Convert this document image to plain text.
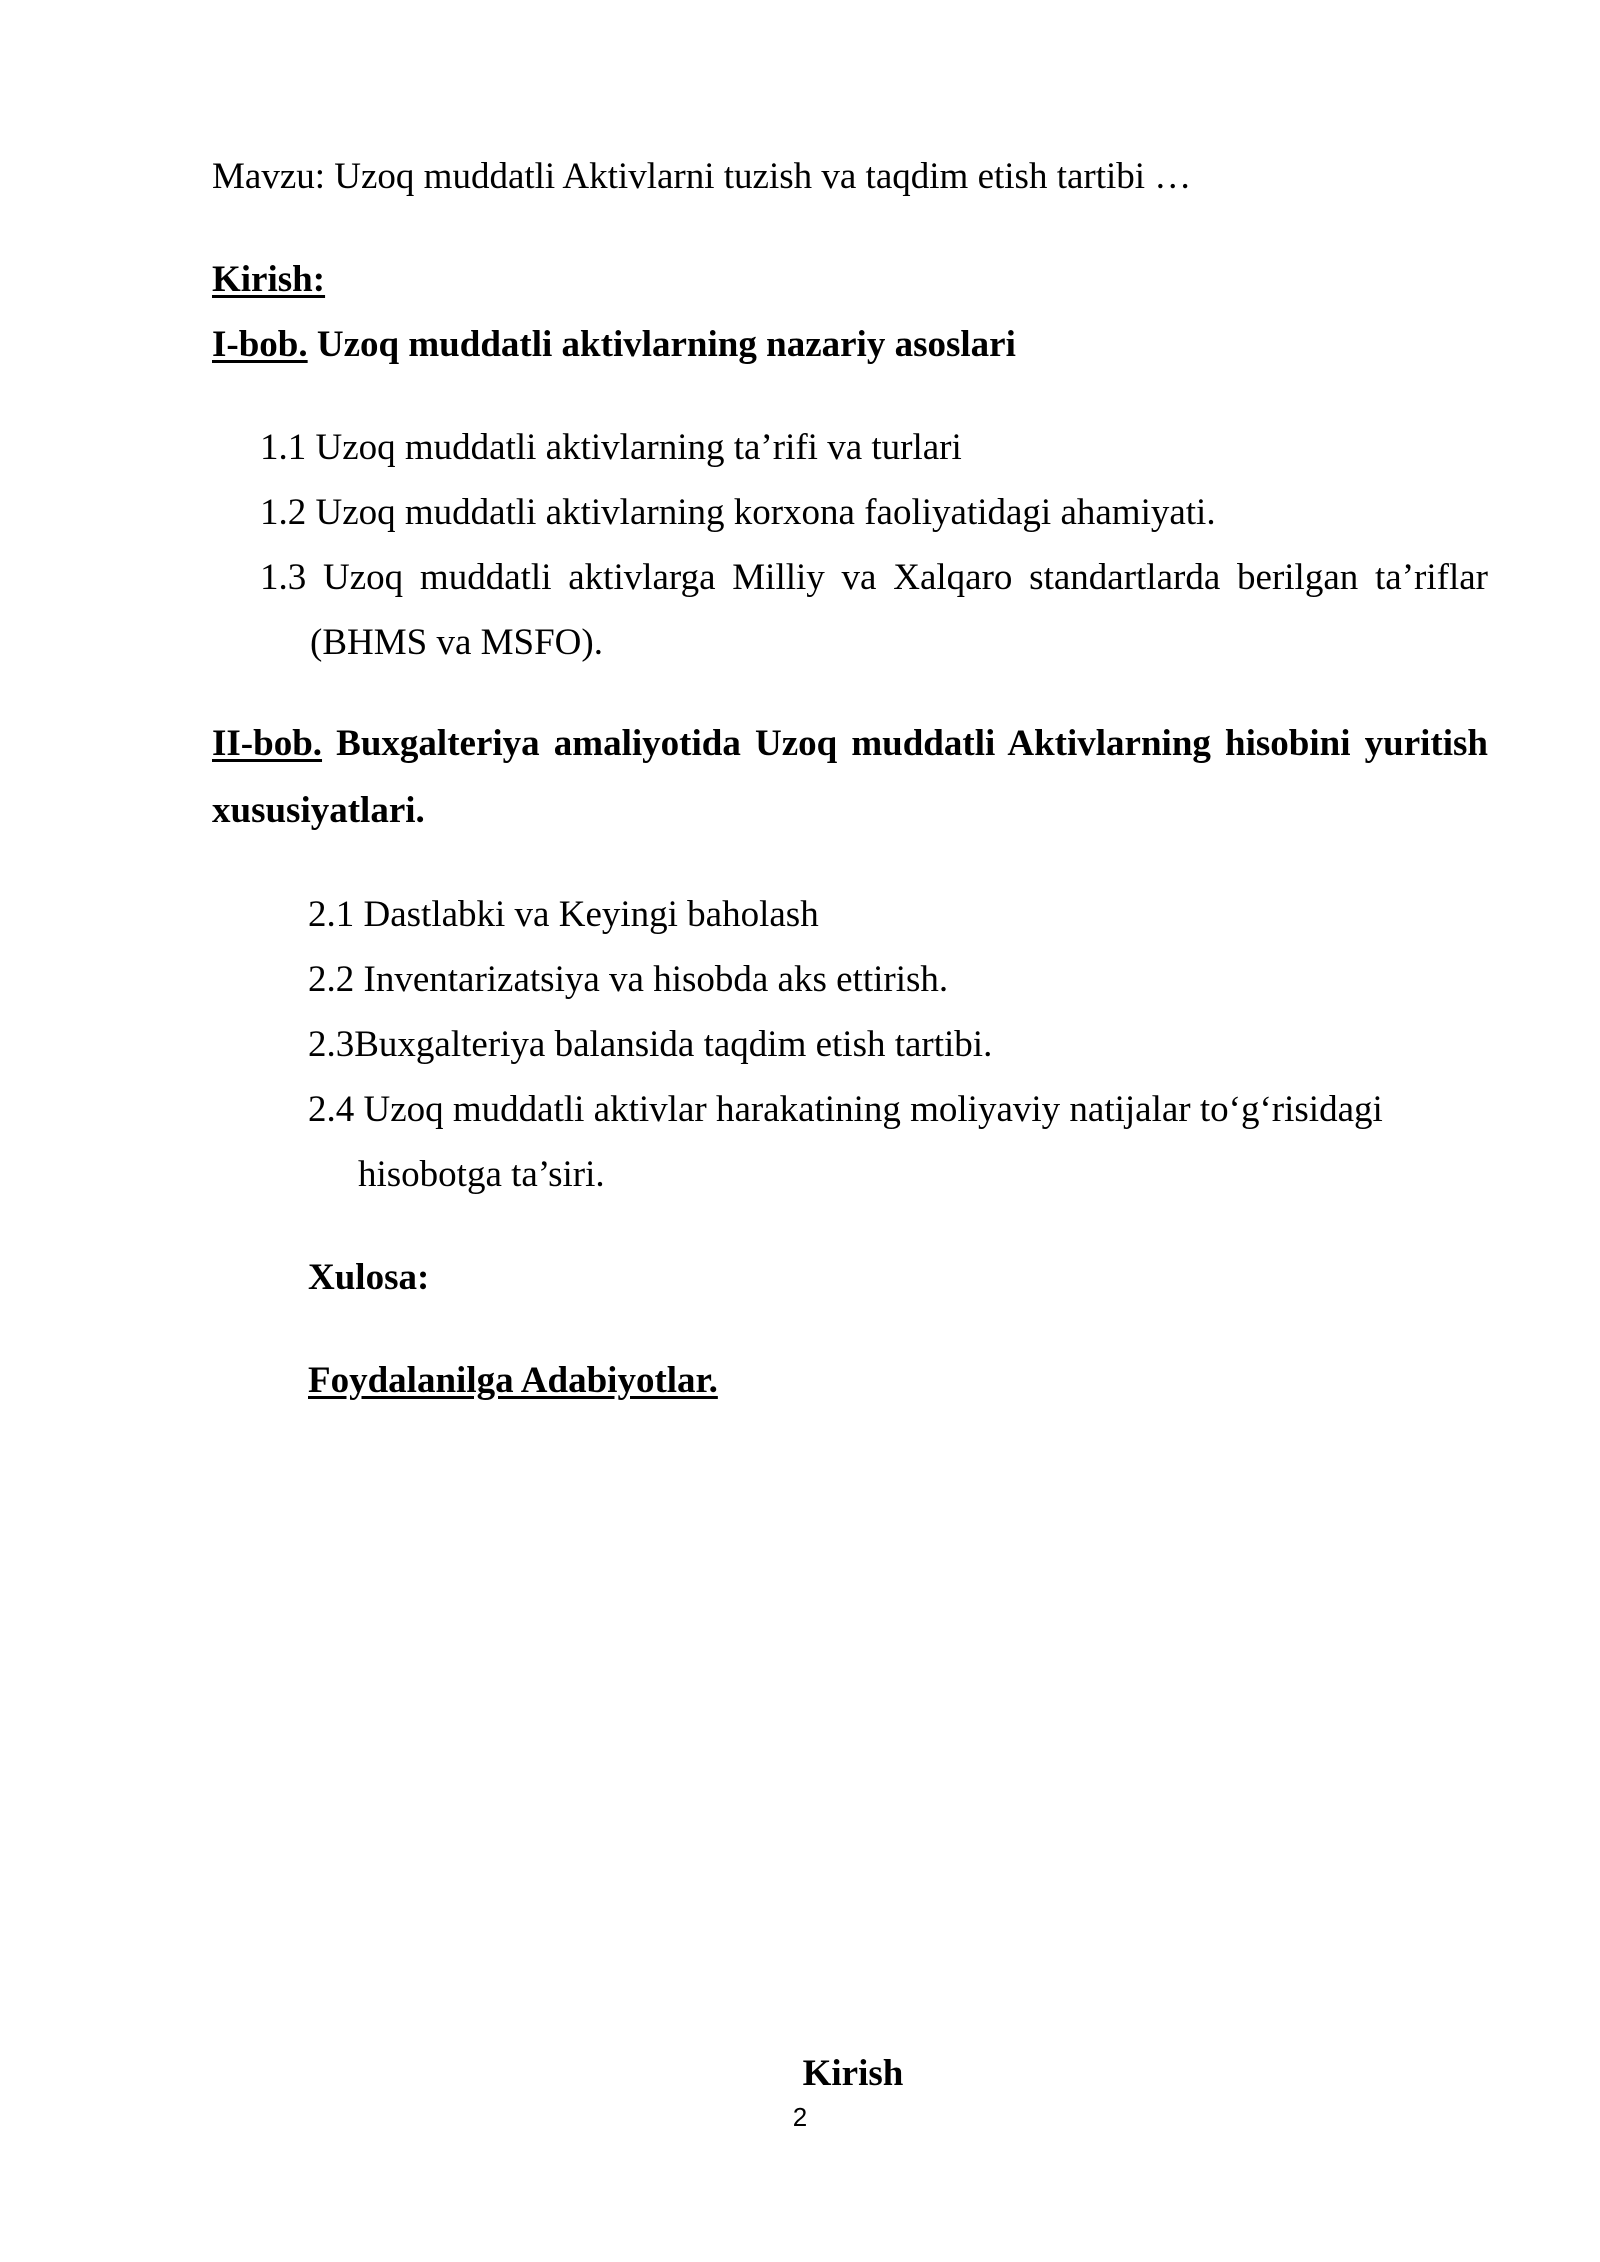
Mavzu: Uzoq muddatli Aktivlarni tuzish va taqdim etish tartibi …
Kirish:
I-bob. Uzoq muddatli aktivlarning nazariy asoslari
1.1 Uzoq muddatli aktivlarning ta’rifi va turlari
1.2 Uzoq muddatli aktivlarning korxona faoliyatidagi ahamiyati.
1.3 Uzoq muddatli aktivlarga Milliy va Xalqaro standartlarda berilgan ta’riflar
(BHMS va MSFO).
II-bob. Buxgalteriya amaliyotida Uzoq muddatli Aktivlarning hisobini yuritish
xususiyatlari.
2.1 Dastlabki va Keyingi baholash
2.2 Inventarizatsiya va hisobda aks ettirish.
2.3Buxgalteriya balansida taqdim etish tartibi.
2.4 Uzoq muddatli aktivlar harakatining moliyaviy natijalar to‘g‘risidagi
hisobotga ta’siri.
Xulosa:
Foydalanilga Adabiyotlar.
Kirish
2
